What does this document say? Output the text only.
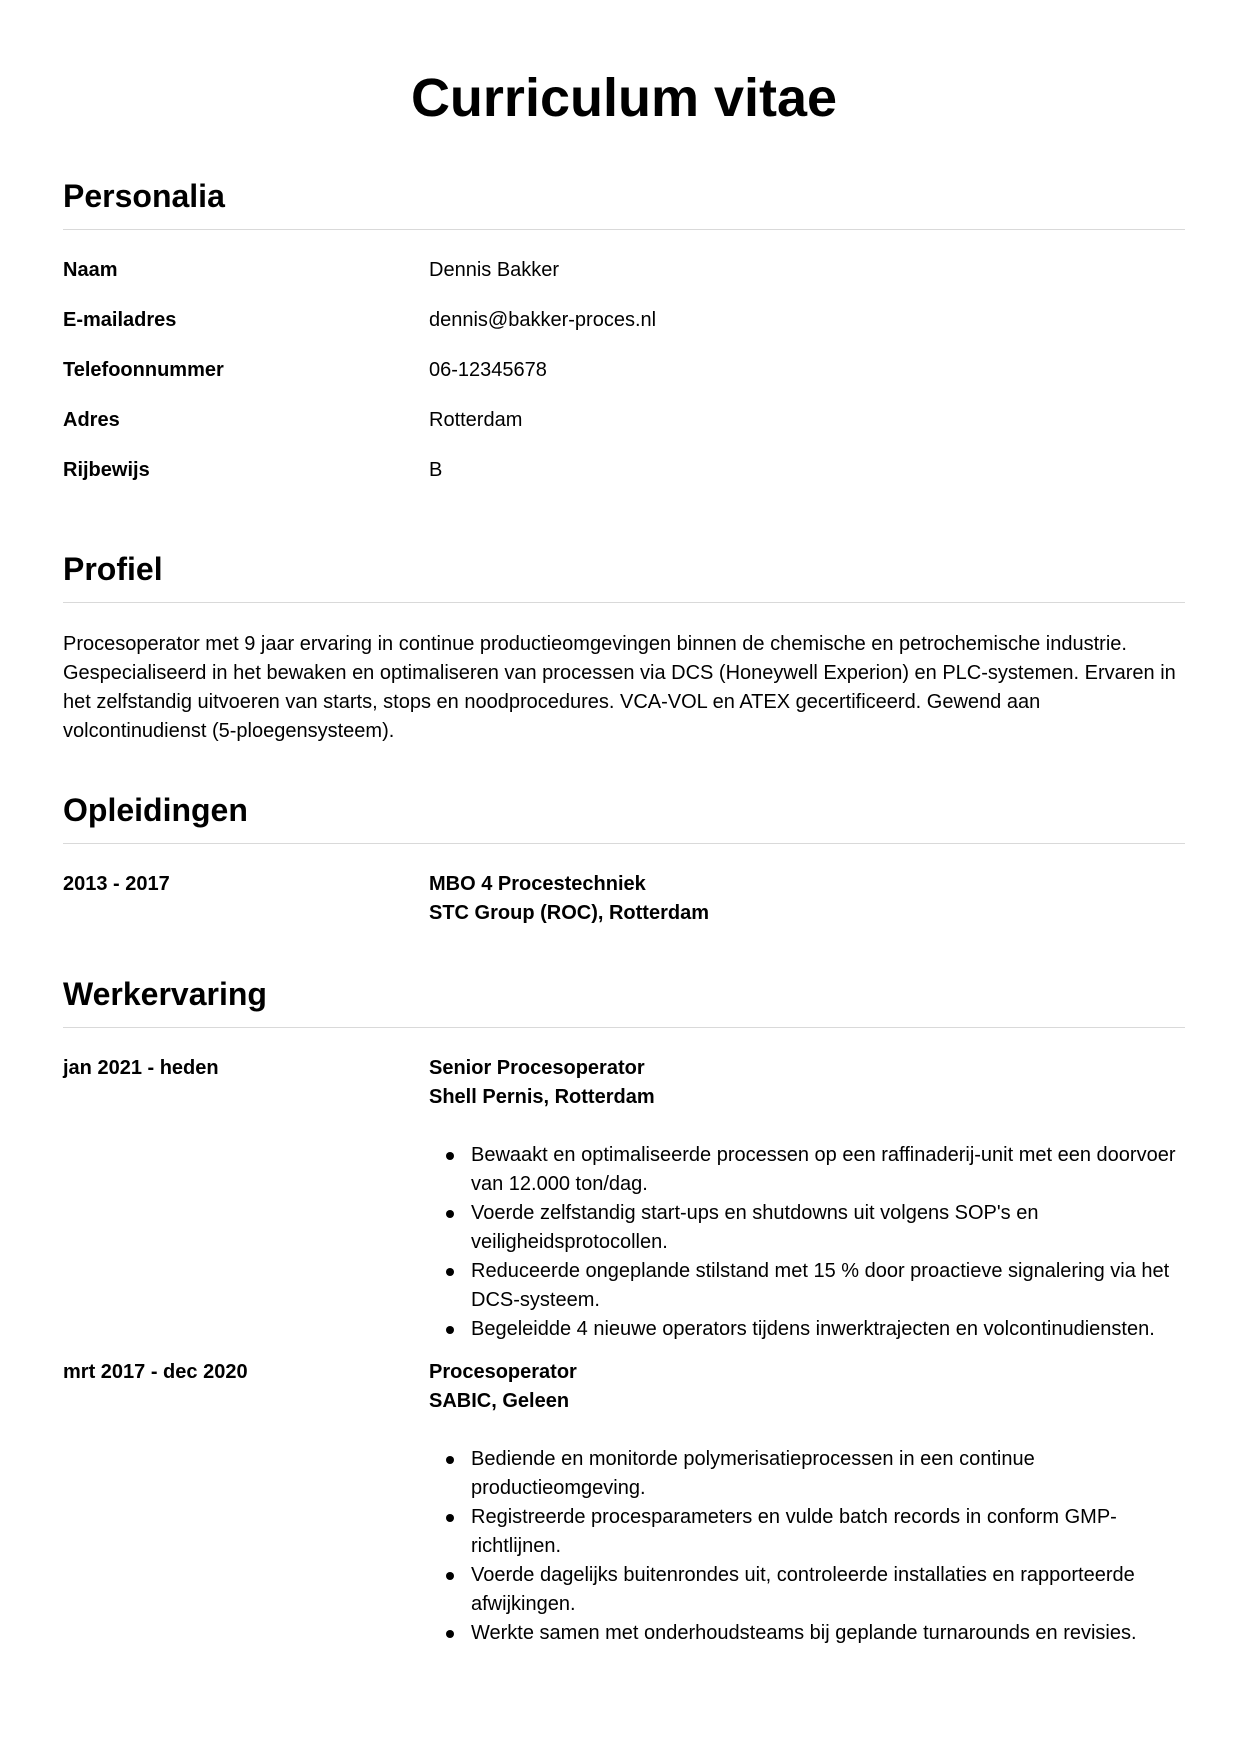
Curriculum vitae
Personalia
Naam	Dennis Bakker
E-mailadres	dennis@bakker-proces.nl
Telefoonnummer	06-12345678
Adres	Rotterdam
Rijbewijs	B
Profiel

Procesoperator met 9 jaar ervaring in continue productieomgevingen binnen de chemische en petrochemische industrie. Gespecialiseerd in het bewaken en optimaliseren van processen via DCS (Honeywell Experion) en PLC-systemen. Ervaren in het zelfstandig uitvoeren van starts, stops en noodprocedures. VCA-VOL en ATEX gecertificeerd. Gewend aan volcontinudienst (5-ploegensysteem).

Opleidingen
2013 - 2017	MBO 4 Procestechniek
STC Group (ROC), Rotterdam
Werkervaring
jan 2021 - heden	Senior Procesoperator
Shell Pernis, Rotterdam
Bewaakt en optimaliseerde processen op een raffinaderij-unit met een doorvoer van 12.000 ton/dag.
Voerde zelfstandig start-ups en shutdowns uit volgens SOP's en veiligheidsprotocollen.
Reduceerde ongeplande stilstand met 15 % door proactieve signalering via het DCS-systeem.
Begeleidde 4 nieuwe operators tijdens inwerktrajecten en volcontinudiensten.
mrt 2017 - dec 2020	Procesoperator
SABIC, Geleen
Bediende en monitorde polymerisatieprocessen in een continue productieomgeving.
Registreerde procesparameters en vulde batch records in conform GMP-richtlijnen.
Voerde dagelijks buitenrondes uit, controleerde installaties en rapporteerde afwijkingen.
Werkte samen met onderhoudsteams bij geplande turnarounds en revisies.
